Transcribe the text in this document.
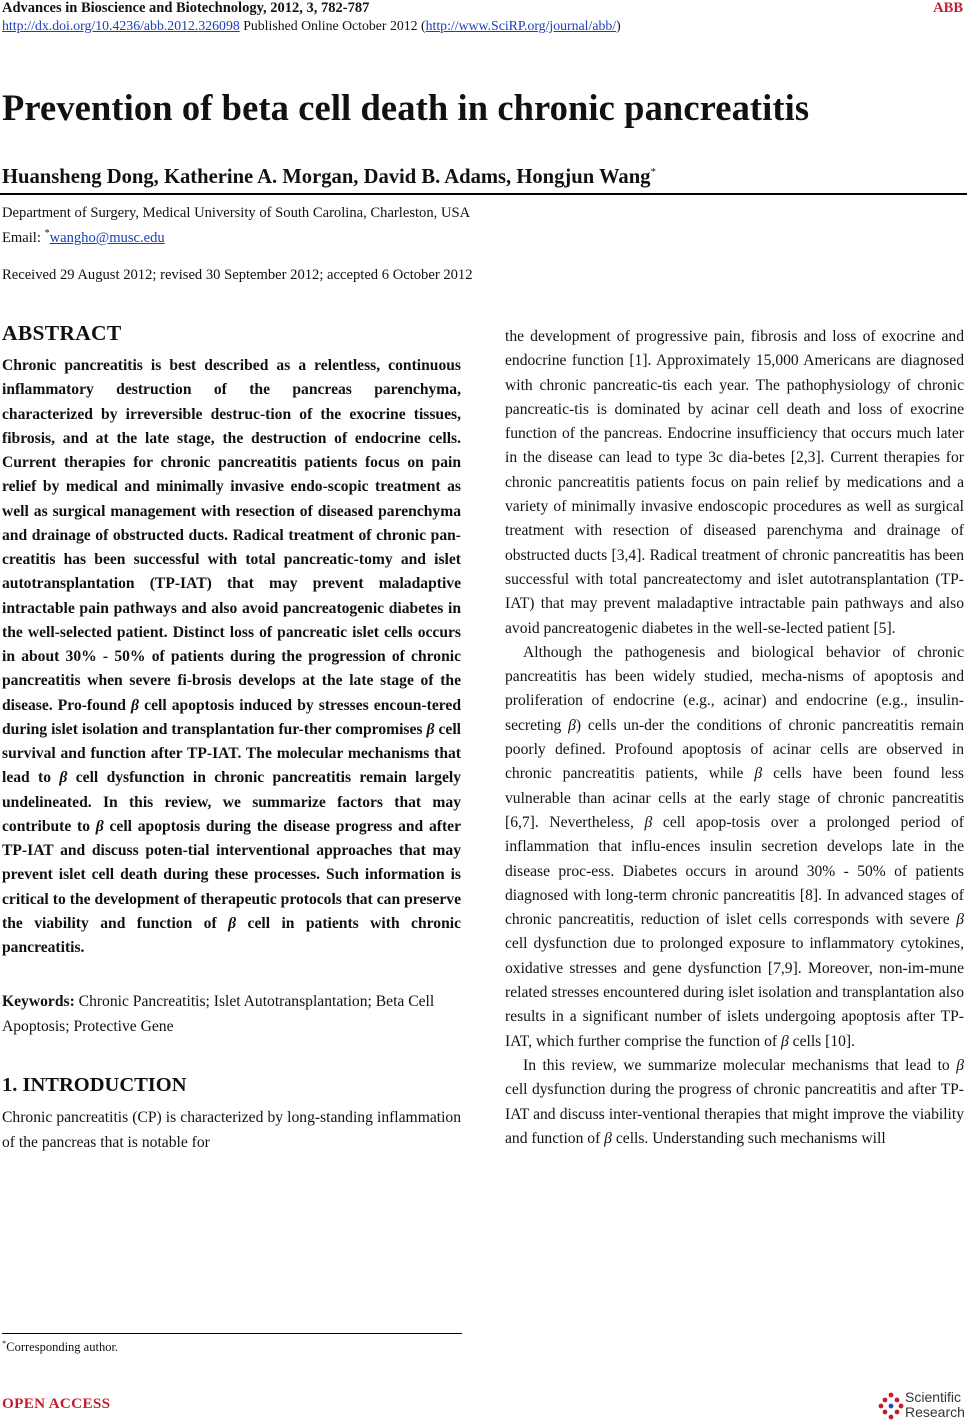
Advances in Bioscience and Biotechnology, 2012, 3, 782-787	ABB
http://dx.doi.org/10.4236/abb.2012.326098 Published Online October 2012 (http://www.SciRP.org/journal/abb/)
Prevention of beta cell death in chronic pancreatitis
Huansheng Dong, Katherine A. Morgan, David B. Adams, Hongjun Wang*
Department of Surgery, Medical University of South Carolina, Charleston, USA
Email: *wangho@musc.edu
Received 29 August 2012; revised 30 September 2012; accepted 6 October 2012
ABSTRACT

Chronic pancreatitis is best described as a relentless, continuous inflammatory destruction of the pancreas parenchyma, characterized by irreversible destruc-tion of the exocrine tissues, fibrosis, and at the late stage, the destruction of endocrine cells. Current therapies for chronic pancreatitis patients focus on pain relief by medical and minimally invasive endo-scopic treatment as well as surgical management with resection of diseased parenchyma and drainage of obstructed ducts. Radical treatment of chronic pan-creatitis has been successful with total pancreatic-tomy and islet autotransplantation (TP-IAT) that may prevent maladaptive intractable pain pathways and also avoid pancreatogenic diabetes in the well-selected patient. Distinct loss of pancreatic islet cells occurs in about 30% - 50% of patients during the progression of chronic pancreatitis when severe fi-brosis develops at the late stage of the disease. Pro-found β cell apoptosis induced by stresses encoun-tered during islet isolation and transplantation fur-ther compromises β cell survival and function after TP-IAT. The molecular mechanisms that lead to β cell dysfunction in chronic pancreatitis remain largely undelineated. In this review, we summarize factors that may contribute to β cell apoptosis during the disease progress and after TP-IAT and discuss poten-tial interventional approaches that may prevent islet cell death during these processes. Such information is critical to the development of therapeutic protocols that can preserve the viability and function of β cell in patients with chronic pancreatitis.

Keywords: Chronic Pancreatitis; Islet Autotransplantation; Beta Cell Apoptosis; Protective Gene

1. INTRODUCTION

Chronic pancreatitis (CP) is characterized by long-standing inflammation of the pancreas that is notable for

the development of progressive pain, fibrosis and loss of exocrine and endocrine function [1]. Approximately 15,000 Americans are diagnosed with chronic pancreatic-tis each year. The pathophysiology of chronic pancreatic-tis is dominated by acinar cell death and loss of exocrine function of the pancreas. Endocrine insufficiency that occurs much later in the disease can lead to type 3c dia-betes [2,3]. Current therapies for chronic pancreatitis patients focus on pain relief by medications and a variety of minimally invasive endoscopic procedures as well as surgical treatment with resection of diseased parenchyma and drainage of obstructed ducts [3,4]. Radical treatment of chronic pancreatitis has been successful with total pancreatectomy and islet autotransplantation (TP-IAT) that may prevent maladaptive intractable pain pathways and also avoid pancreatogenic diabetes in the well-se-lected patient [5].

Although the pathogenesis and biological behavior of chronic pancreatitis has been widely studied, mecha-nisms of apoptosis and proliferation of endocrine (e.g., acinar) and endocrine (e.g., insulin-secreting β) cells un-der the conditions of chronic pancreatitis remain poorly defined. Profound apoptosis of acinar cells are observed in chronic pancreatitis patients, while β cells have been found less vulnerable than acinar cells at the early stage of chronic pancreatitis [6,7]. Nevertheless, β cell apop-tosis over a prolonged period of inflammation that influ-ences insulin secretion develops late in the disease proc-ess. Diabetes occurs in around 30% - 50% of patients diagnosed with long-term chronic pancreatitis [8]. In advanced stages of chronic pancreatitis, reduction of islet cells corresponds with severe β cell dysfunction due to prolonged exposure to inflammatory cytokines, oxidative stresses and gene dysfunction [7,9]. Moreover, non-im-mune related stresses encountered during islet isolation and transplantation also results in a significant number of islets undergoing apoptosis after TP-IAT, which further comprise the function of β cells [10].

In this review, we summarize molecular mechanisms that lead to β cell dysfunction during the progress of chronic pancreatitis and after TP-IAT and discuss inter-ventional therapies that might improve the viability and function of β cells. Understanding such mechanisms will

*Corresponding author.
OPEN ACCESS	Scientific
Research
